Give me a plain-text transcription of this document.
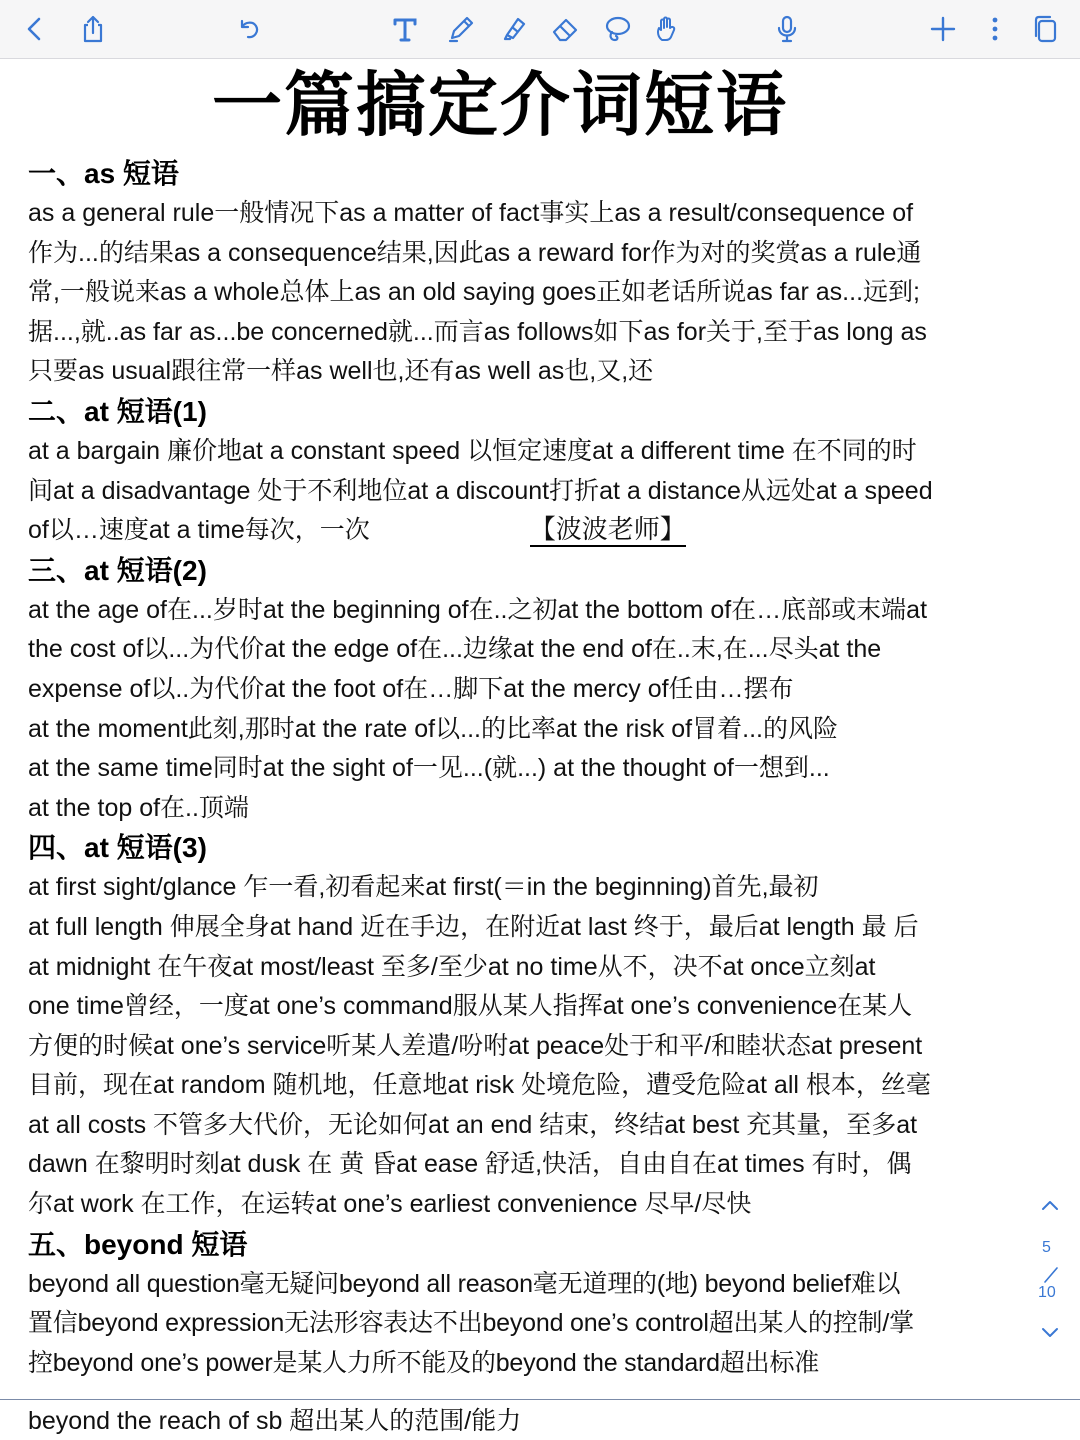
一篇搞定介词短语
一、as 短语
as a general rule一般情况下as a matter of fact事实上as a result/consequence of
作为...的结果as a consequence结果,因此as a reward for作为对的奖赏as a rule通
常,一般说来as a whole总体上as an old saying goes正如老话所说as far as...远到;
据...,就..as far as...be concerned就...而言as follows如下as for关于,至于as long as
只要as usual跟往常一样as well也,还有as well as也,又,还
二、at 短语(1)
at a bargain 廉价地at a constant speed 以恒定速度at a different time 在不同的时
间at a disadvantage 处于不利地位at a discount打折at a distance从远处at a speed
of以…速度at a time每次，一次	【波波老师】
三、at 短语(2)
at the age of在...岁时at the beginning of在..之初at the bottom of在…底部或末端at
the cost of以...为代价at the edge of在...边缘at the end of在..末,在...尽头at the
expense of以..为代价at the foot of在…脚下at the mercy of任由…摆布
at the moment此刻,那时at the rate of以...的比率at the risk of冒着...的风险
at the same time同时at the sight of一见...(就...) at the thought of一想到...
at the top of在..顶端
四、at 短语(3)
at first sight/glance 乍一看,初看起来at first(＝in the beginning)首先,最初
at full length 伸展全身at hand 近在手边，在附近at last 终于，最后at length 最 后
at midnight 在午夜at most/least 至多/至少at no time从不，决不at once立刻at
one time曾经，一度at one’s command服从某人指挥at one’s convenience在某人
方便的时候at one’s service听某人差遣/吩咐at peace处于和平/和睦状态at present
目前，现在at random 随机地，任意地at risk 处境危险，遭受危险at all 根本，丝毫
at all costs 不管多大代价，无论如何at an end 结束，终结at best 充其量，至多at
dawn 在黎明时刻at dusk 在 黄 昏at ease 舒适,快活，自由自在at times 有时，偶
尔at work 在工作，在运转at one’s earliest convenience 尽早/尽快
五、beyond 短语
beyond all question毫无疑问beyond all reason毫无道理的(地) beyond belief难以
置信beyond expression无法形容表达不出beyond one’s control超出某人的控制/掌
控beyond one’s power是某人力所不能及的beyond the standard超出标准
beyond the reach of sb 超出某人的范围/能力
5
10
